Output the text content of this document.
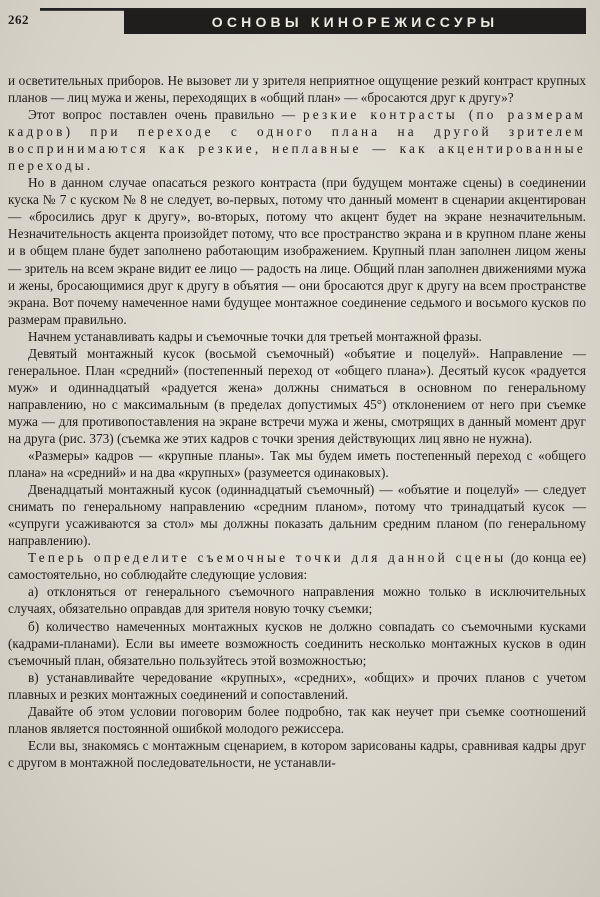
262	ОСНОВЫ КИНОРЕЖИССУРЫ

и осветительных приборов. Не вызовет ли у зрителя неприятное ощущение резкий контраст крупных планов — лиц мужа и жены, переходящих в «общий план» — «бросаются друг к другу»?

Этот вопрос поставлен очень правильно — резкие контрасты (по размерам кадров) при переходе с одного плана на другой зрителем воспринимаются как резкие, неплавные — как акцентированные переходы.

Но в данном случае опасаться резкого контраста (при будущем монтаже сцены) в соединении куска № 7 с куском № 8 не следует, во-первых, потому что данный момент в сценарии акцентирован — «бросились друг к другу», во-вторых, потому что акцент будет на экране незначительным. Незначительность акцента произойдет потому, что все пространство экрана и в крупном плане жены и в общем плане будет заполнено работающим изображением. Крупный план заполнен лицом жены — зритель на всем экране видит ее лицо — радость на лице. Общий план заполнен движениями мужа и жены, бросающимися друг к другу в объятия — они бросаются друг к другу на всем пространстве экрана. Вот почему намеченное нами будущее монтажное соединение седьмого и восьмого кусков по размерам правильно.

Начнем устанавливать кадры и съемочные точки для третьей монтажной фразы.

Девятый монтажный кусок (восьмой съемочный) «объятие и поцелуй». Направление — генеральное. План «средний» (постепенный переход от «общего плана»). Десятый кусок «радуется муж» и одиннадцатый «радуется жена» должны сниматься в основном по генеральному направлению, но с максимальным (в пределах допустимых 45°) отклонением от него при съемке мужа — для противопоставления на экране встречи мужа и жены, смотрящих в данный момент друг на друга (рис. 373) (съемка же этих кадров с точки зрения действующих лиц явно не нужна).

«Размеры» кадров — «крупные планы». Так мы будем иметь постепенный переход с «общего плана» на «средний» и на два «крупных» (разумеется одинаковых).

Двенадцатый монтажный кусок (одиннадцатый съемочный) — «объятие и поцелуй» — следует снимать по генеральному направлению «средним планом», потому что тринадцатый кусок — «супруги усаживаются за стол» мы должны показать дальним средним планом (по генеральному направлению).

Теперь определите съемочные точки для данной сцены (до конца ее) самостоятельно, но соблюдайте следующие условия:

а) отклоняться от генерального съемочного направления можно только в исключительных случаях, обязательно оправдав для зрителя новую точку съемки;

б) количество намеченных монтажных кусков не должно совпадать со съемочными кусками (кадрами-планами). Если вы имеете возможность соединить несколько монтажных кусков в один съемочный план, обязательно пользуйтесь этой возможностью;

в) устанавливайте чередование «крупных», «средних», «общих» и прочих планов с учетом плавных и резких монтажных соединений и сопоставлений.

Давайте об этом условии поговорим более подробно, так как неучет при съемке соотношений планов является постоянной ошибкой молодого режиссера.

Если вы, знакомясь с монтажным сценарием, в котором зарисованы кадры, сравнивая кадры друг с другом в монтажной последовательности, не устанавли-
